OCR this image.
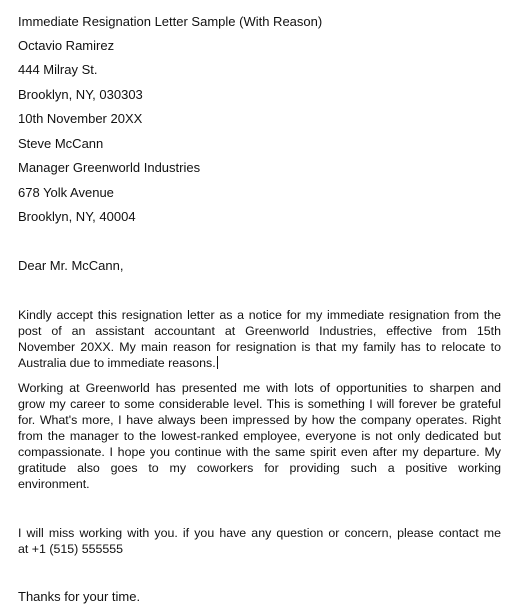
Immediate Resignation Letter Sample (With Reason)
Octavio Ramirez
444 Milray St.
Brooklyn, NY, 030303
10th November 20XX
Steve McCann
Manager Greenworld Industries
678 Yolk Avenue
Brooklyn, NY, 40004
Dear Mr. McCann,
Kindly accept this resignation letter as a notice for my immediate resignation from the
post of an assistant accountant at Greenworld Industries, effective from 15th
November 20XX. My main reason for resignation is that my family has to relocate to
Australia due to immediate reasons.
Working at Greenworld has presented me with lots of opportunities to sharpen and
grow my career to some considerable level. This is something I will forever be grateful
for. What's more, I have always been impressed by how the company operates. Right
from the manager to the lowest-ranked employee, everyone is not only dedicated but
compassionate. I hope you continue with the same spirit even after my departure. My
gratitude also goes to my coworkers for providing such a positive working
environment.
I will miss working with you. if you have any question or concern, please contact me
at +1 (515) 555555
Thanks for your time.
